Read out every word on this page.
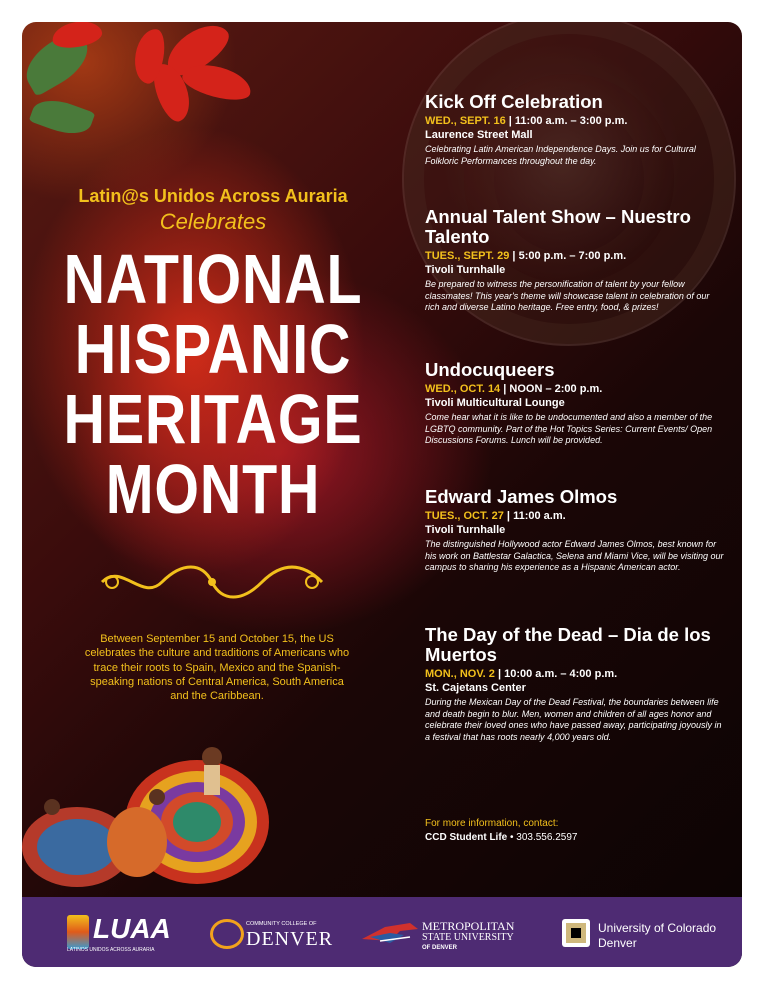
Latin@s Unidos Across Auraria
Celebrates
NATIONAL
HISPANIC
HERITAGE
MONTH
Between September 15 and October 15, the US celebrates the culture and traditions of Americans who trace their roots to Spain, Mexico and the Spanish-speaking nations of Central America, South America and the Caribbean.
Kick Off Celebration
WED., SEPT. 16 | 11:00 a.m. – 3:00 p.m.
Laurence Street Mall
Celebrating Latin American Independence Days. Join us for Cultural Folkloric Performances throughout the day.
Annual Talent Show – Nuestro Talento
TUES., SEPT. 29 | 5:00 p.m. – 7:00 p.m.
Tivoli Turnhalle
Be prepared to witness the personification of talent by your fellow classmates! This year's theme will showcase talent in celebration of our rich and diverse Latino heritage. Free entry, food, & prizes!
Undocuqueers
WED., OCT. 14 | NOON – 2:00 p.m.
Tivoli Multicultural Lounge
Come hear what it is like to be undocumented and also a member of the LGBTQ community. Part of the Hot Topics Series: Current Events/ Open Discussions Forums. Lunch will be provided.
Edward James Olmos
TUES., OCT. 27 | 11:00 a.m.
Tivoli Turnhalle
The distinguished Hollywood actor Edward James Olmos, best known for his work on Battlestar Galactica, Selena and Miami Vice, will be visiting our campus to sharing his experience as a Hispanic American actor.
The Day of the Dead – Dia de los Muertos
MON., NOV. 2 | 10:00 a.m. – 4:00 p.m.
St. Cajetans Center
During the Mexican Day of the Dead Festival, the boundaries between life and death begin to blur. Men, women and children of all ages honor and celebrate their loved ones who have passed away, participating joyously in a festival that has roots nearly 4,000 years old.
For more information, contact:
CCD Student Life • 303.556.2597
LUAA
LATINOS UNIDOS ACROSS AURARIA
COMMUNITY COLLEGE OF
DENVER
METROPOLITAN
STATE UNIVERSITY
OF DENVER
University of Colorado
Denver
